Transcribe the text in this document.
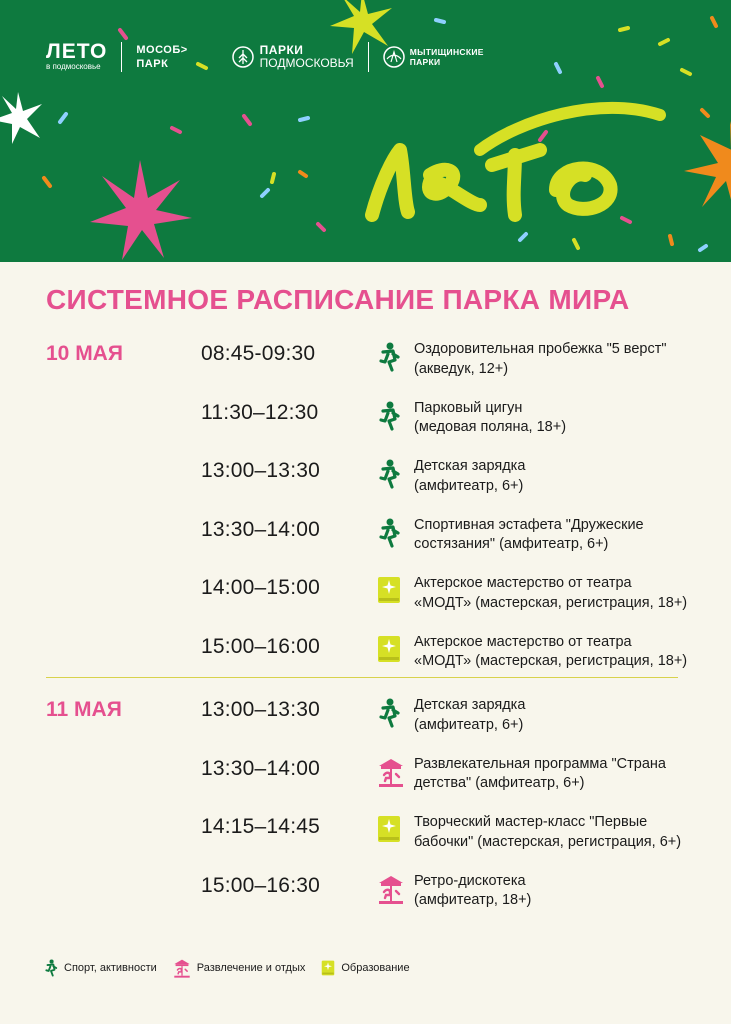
ЛЕТО
в подмосковье
МОСОБ>
ПАРК
ПАРКИ
ПОДМОСКОВЬЯ
МЫТИЩИНСКИЕ
ПАРКИ
СИСТЕМНОЕ РАСПИСАНИЕ ПАРКА МИРА
10 МАЯ	08:45-09:30	Оздоровительная пробежка "5 верст"
(акведук, 12+)
11:30–12:30	Парковый цигун
(медовая поляна, 18+)
13:00–13:30	Детская зарядка
(амфитеатр, 6+)
13:30–14:00	Спортивная эстафета "Дружеские
состязания" (амфитеатр, 6+)
14:00–15:00	Актерское мастерство от театра
«МОДТ» (мастерская, регистрация, 18+)
15:00–16:00	Актерское мастерство от театра
«МОДТ» (мастерская, регистрация, 18+)
11 МАЯ	13:00–13:30	Детская зарядка
(амфитеатр, 6+)
13:30–14:00	Развлекательная программа "Страна
детства" (амфитеатр, 6+)
14:15–14:45	Творческий мастер-класс "Первые
бабочки" (мастерская, регистрация, 6+)
15:00–16:30	Ретро-дискотека
(амфитеатр, 18+)
Спорт, активности	Развлечение и отдых	Образование
